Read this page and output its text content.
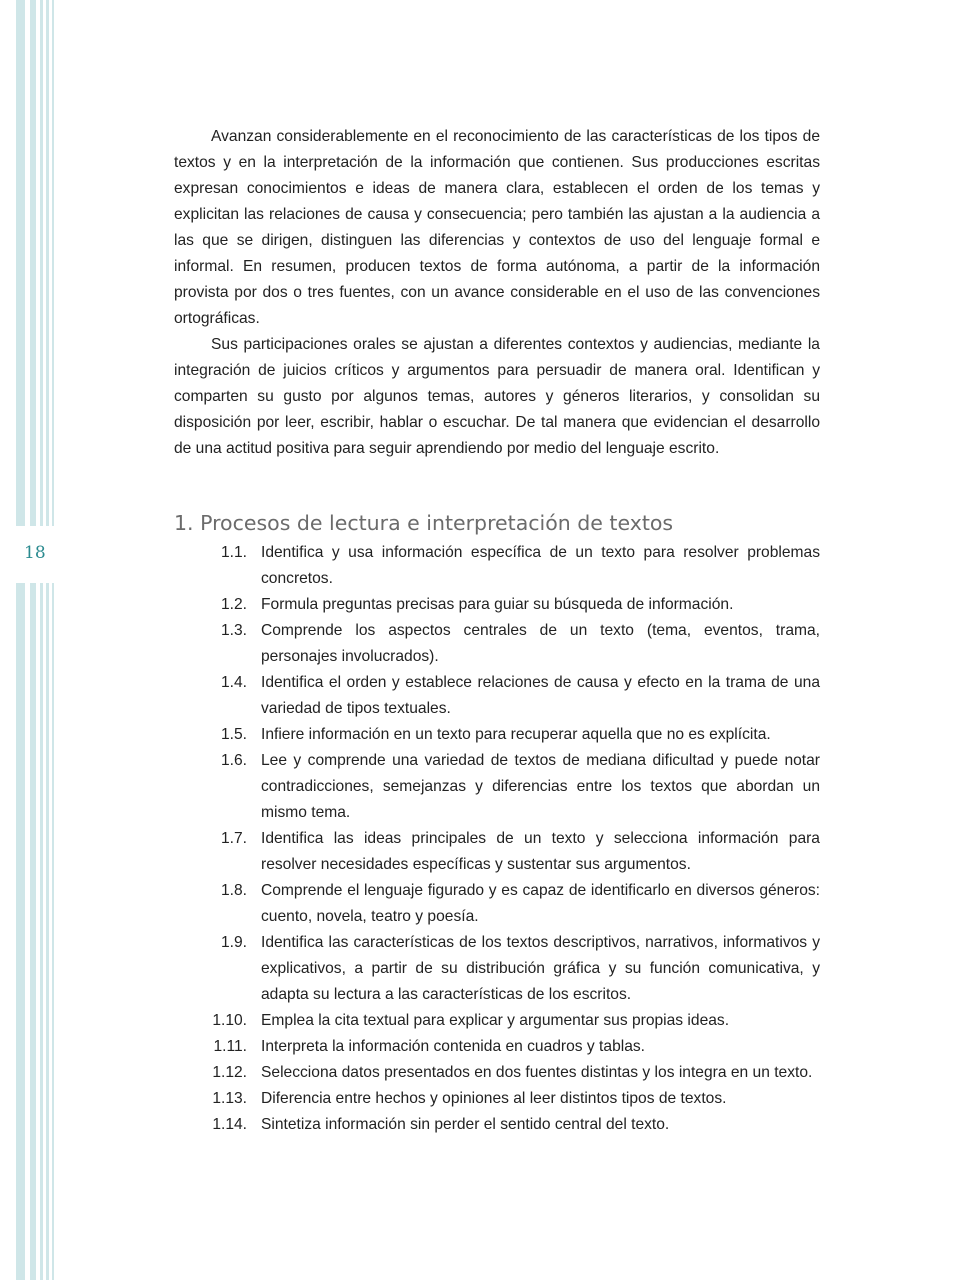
18

Avanzan considerablemente en el reconocimiento de las características de los tipos de textos y en la interpretación de la información que contienen. Sus producciones escritas expresan conocimientos e ideas de manera clara, establecen el orden de los temas y explicitan las relaciones de causa y consecuencia; pero también las ajustan a la audiencia a las que se dirigen, distinguen las diferencias y contextos de uso del lenguaje formal e informal. En resumen, producen textos de forma autónoma, a partir de la información provista por dos o tres fuentes, con un avance considerable en el uso de las convenciones ortográficas.

Sus participaciones orales se ajustan a diferentes contextos y audiencias, mediante la integración de juicios críticos y argumentos para persuadir de manera oral. Identifican y comparten su gusto por algunos temas, autores y géneros literarios, y consolidan su disposición por leer, escribir, hablar o escuchar. De tal manera que evidencian el desarrollo de una actitud positiva para seguir aprendiendo por medio del lenguaje escrito.

1. Procesos de lectura e interpretación de textos
1.1. Identifica y usa información específica de un texto para resolver problemas concretos.
1.2. Formula preguntas precisas para guiar su búsqueda de información.
1.3. Comprende los aspectos centrales de un texto (tema, eventos, trama, personajes involucrados).
1.4. Identifica el orden y establece relaciones de causa y efecto en la trama de una variedad de tipos textuales.
1.5. Infiere información en un texto para recuperar aquella que no es explícita.
1.6. Lee y comprende una variedad de textos de mediana dificultad y puede notar contradicciones, semejanzas y diferencias entre los textos que abordan un mismo tema.
1.7. Identifica las ideas principales de un texto y selecciona información para resolver necesidades específicas y sustentar sus argumentos.
1.8. Comprende el lenguaje figurado y es capaz de identificarlo en diversos géneros: cuento, novela, teatro y poesía.
1.9. Identifica las características de los textos descriptivos, narrativos, informativos y explicativos, a partir de su distribución gráfica y su función comunicativa, y adapta su lectura a las características de los escritos.
1.10. Emplea la cita textual para explicar y argumentar sus propias ideas.
1.11. Interpreta la información contenida en cuadros y tablas.
1.12. Selecciona datos presentados en dos fuentes distintas y los integra en un texto.
1.13. Diferencia entre hechos y opiniones al leer distintos tipos de textos.
1.14. Sintetiza información sin perder el sentido central del texto.
